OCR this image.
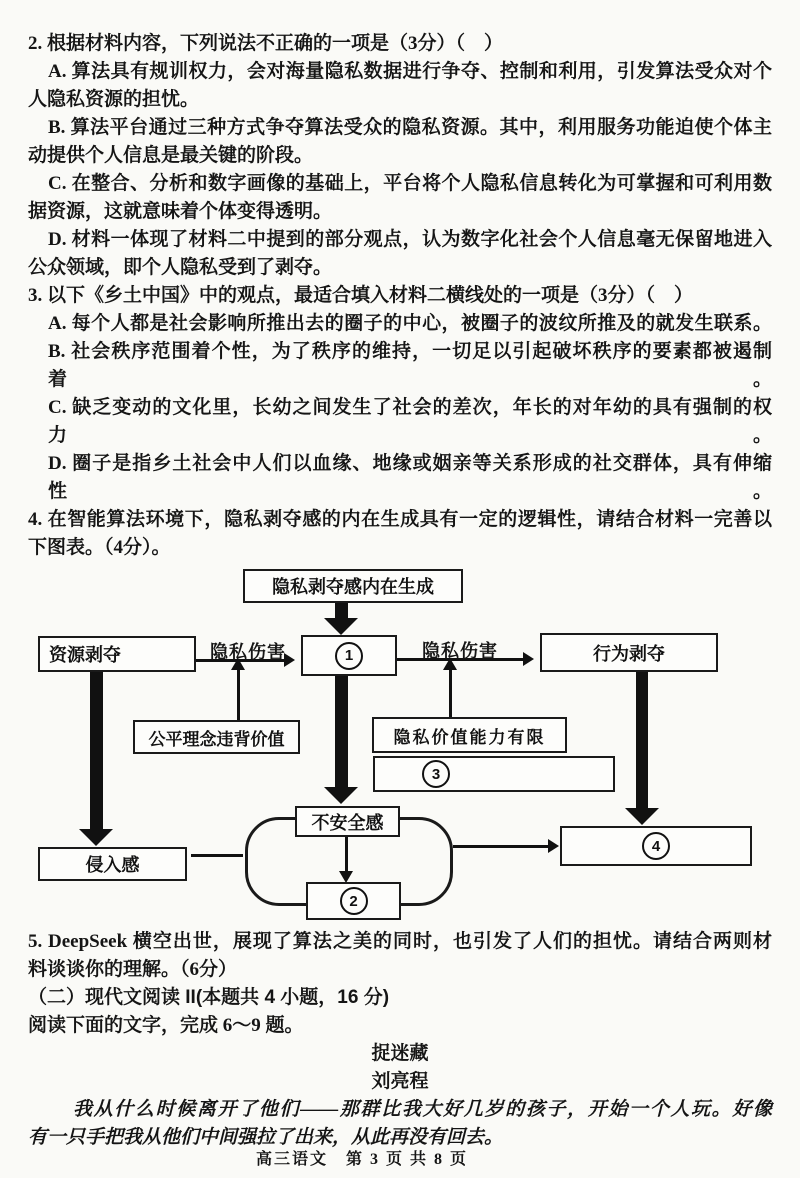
2. 根据材料内容，下列说法不正确的一项是（3分）（　）
A. 算法具有规训权力，会对海量隐私数据进行争夺、控制和利用，引发算法受众对个
人隐私资源的担忧。
B. 算法平台通过三种方式争夺算法受众的隐私资源。其中，利用服务功能迫使个体主
动提供个人信息是最关键的阶段。
C. 在整合、分析和数字画像的基础上，平台将个人隐私信息转化为可掌握和可利用数
据资源，这就意味着个体变得透明。
D. 材料一体现了材料二中提到的部分观点，认为数字化社会个人信息毫无保留地进入
公众领域，即个人隐私受到了剥夺。
3. 以下《乡土中国》中的观点，最适合填入材料二横线处的一项是（3分）（　）
A. 每个人都是社会影响所推出去的圈子的中心，被圈子的波纹所推及的就发生联系。
B. 社会秩序范围着个性，为了秩序的维持，一切足以引起破坏秩序的要素都被遏制着。
C. 缺乏变动的文化里，长幼之间发生了社会的差次，年长的对年幼的具有强制的权力。
D. 圈子是指乡土社会中人们以血缘、地缘或姻亲等关系形成的社交群体，具有伸缩性。
4. 在智能算法环境下，隐私剥夺感的内在生成具有一定的逻辑性，请结合材料一完善以
下图表。（4分）。
隐私伤害	隐私伤害
隐私剥夺感内在生成
资源剥夺	1	行为剥夺
公平理念违背价值	隐私价值能力有限
3
不安全感
侵入感
2
4
5. DeepSeek 横空出世，展现了算法之美的同时，也引发了人们的担忧。请结合两则材
料谈谈你的理解。（6分）
（二）现代文阅读 II(本题共 4 小题，16 分)
阅读下面的文字，完成 6～9 题。
捉迷藏
刘亮程
我从什么时候离开了他们——那群比我大好几岁的孩子，开始一个人玩。好像
有一只手把我从他们中间强拉了出来，从此再没有回去。
高三语文　第 3 页 共 8 页
